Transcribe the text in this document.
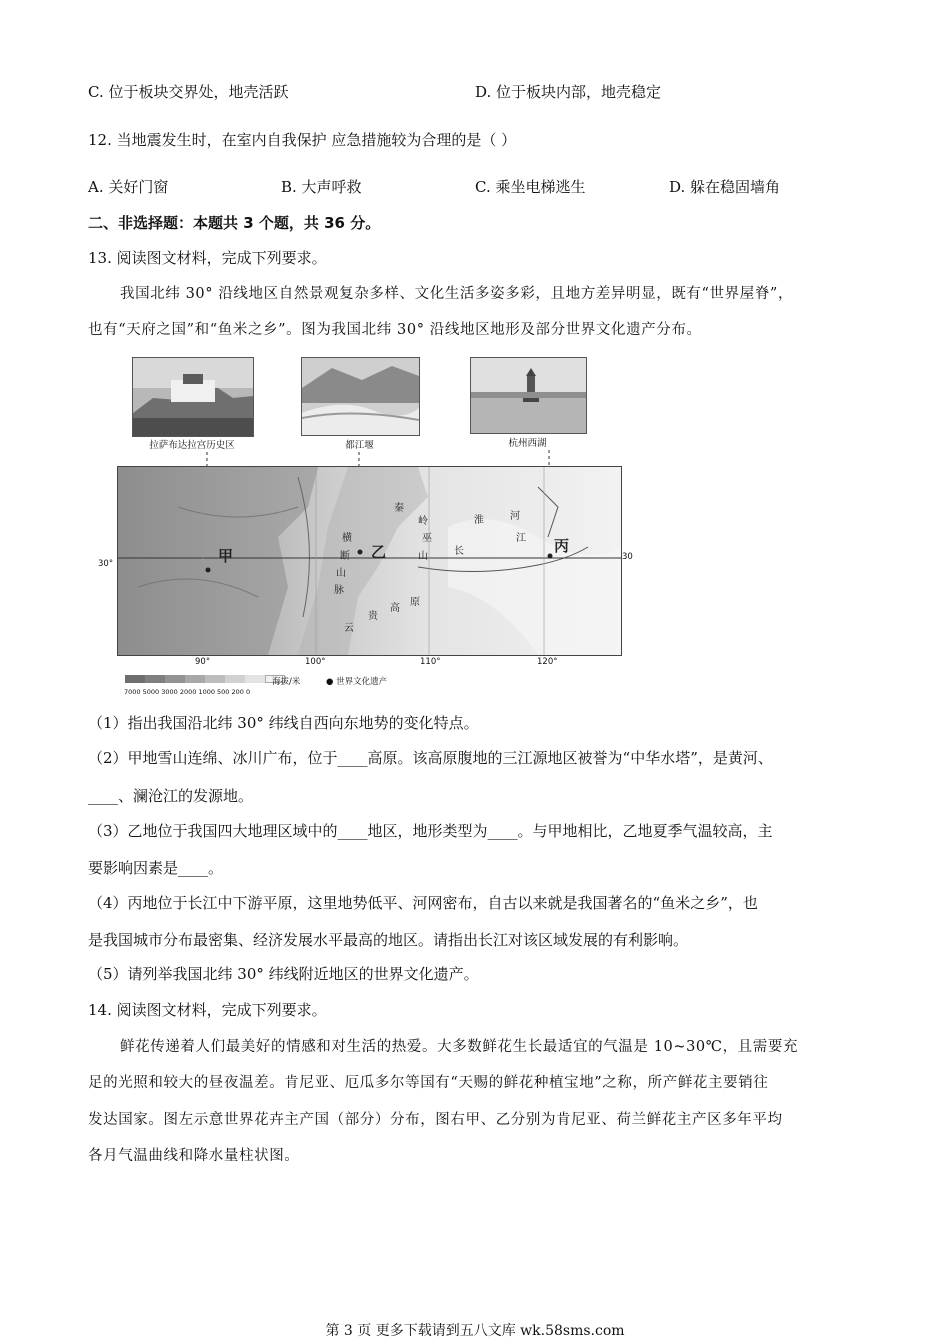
C. 位于板块交界处，地壳活跃	D. 位于板块内部，地壳稳定
12. 当地震发生时，在室内自我保护 应急措施较为合理的是（ ）
A. 关好门窗	B. 大声呼救	C. 乘坐电梯逃生	D. 躲在稳固墙角
二、非选择题：本题共 3 个题，共 36 分。
13. 阅读图文材料，完成下列要求。
我国北纬 30° 沿线地区自然景观复杂多样、文化生活多姿多彩，且地方差异明显，既有“世界屋脊”，
也有“天府之国”和“鱼米之乡”。图为我国北纬 30° 沿线地区地形及部分世界文化遗产分布。
拉萨布达拉宫历史区	都江堰	杭州西湖
甲	乙	丙
秦
岭	淮	河
横
断
山
脉
巫
山	长
江
云
贵
高
原
30°
30
90°	100°	110°	120°
7000 5000 3000 2000 1000 500 200 0
海拔/米	● 世界文化遗产
（1）指出我国沿北纬 30° 纬线自西向东地势的变化特点。
（2）甲地雪山连绵、冰川广布，位于____高原。该高原腹地的三江源地区被誉为“中华水塔”，是黄河、
____、澜沧江的发源地。
（3）乙地位于我国四大地理区域中的____地区，地形类型为____。与甲地相比，乙地夏季气温较高，主
要影响因素是____。
（4）丙地位于长江中下游平原，这里地势低平、河网密布，自古以来就是我国著名的“鱼米之乡”，也
是我国城市分布最密集、经济发展水平最高的地区。请指出长江对该区域发展的有利影响。
（5）请列举我国北纬 30° 纬线附近地区的世界文化遗产。
14. 阅读图文材料，完成下列要求。
鲜花传递着人们最美好的情感和对生活的热爱。大多数鲜花生长最适宜的气温是 10~30℃，且需要充
足的光照和较大的昼夜温差。肯尼亚、厄瓜多尔等国有“天赐的鲜花种植宝地”之称，所产鲜花主要销往
发达国家。图左示意世界花卉主产国（部分）分布，图右甲、乙分别为肯尼亚、荷兰鲜花主产区多年平均
各月气温曲线和降水量柱状图。
第 3 页 更多下载请到五八文库 wk.58sms.com
